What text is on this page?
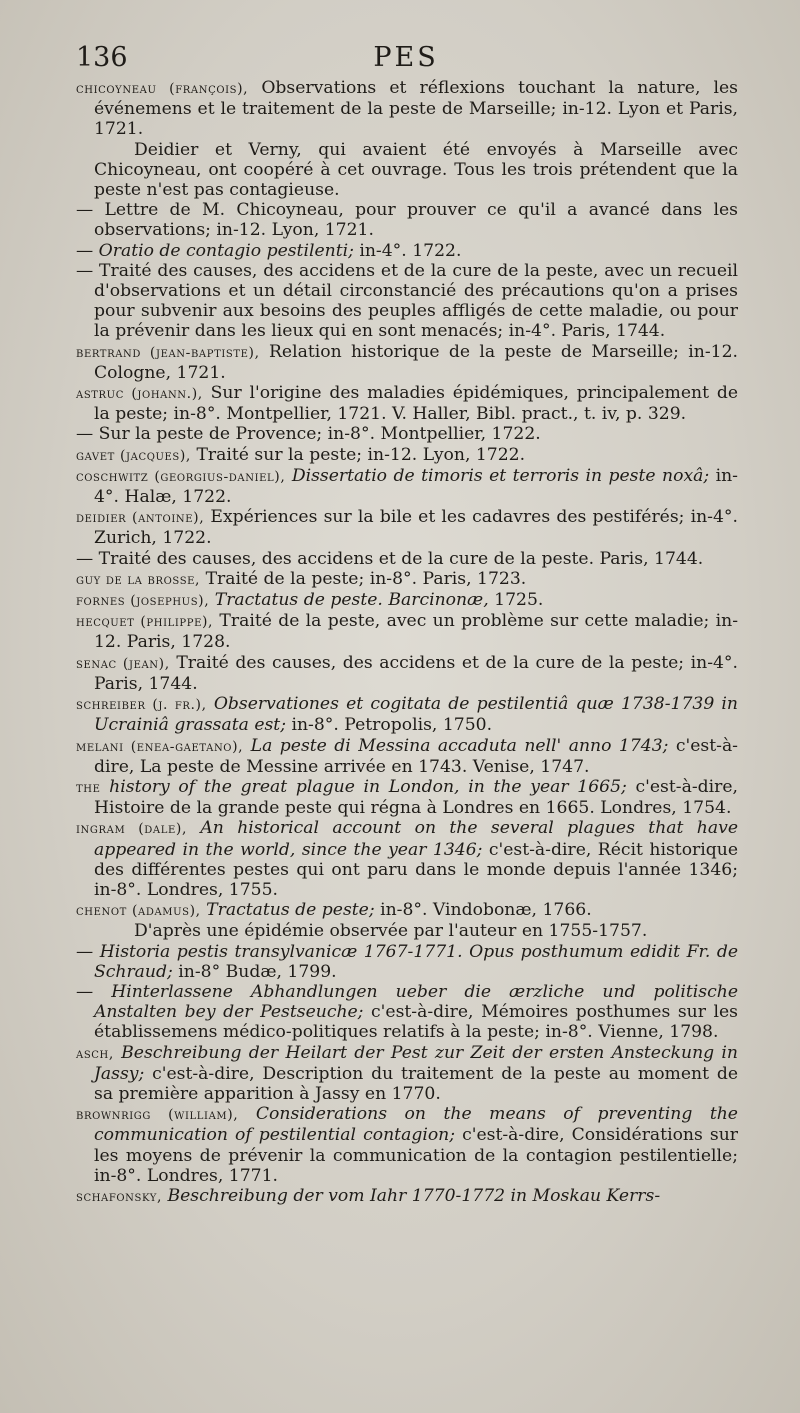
136	PES

chicoyneau (françois), Observations et réflexions touchant la nature, les événemens et le traitement de la peste de Marseille; in-12. Lyon et Paris, 1721.

Deidier et Verny, qui avaient été envoyés à Marseille avec Chicoyneau, ont coopéré à cet ouvrage. Tous les trois prétendent que la peste n'est pas contagieuse.

— Lettre de M. Chicoyneau, pour prouver ce qu'il a avancé dans les observations; in-12. Lyon, 1721.

— Oratio de contagio pestilenti; in-4°. 1722.

— Traité des causes, des accidens et de la cure de la peste, avec un recueil d'observations et un détail circonstancié des précautions qu'on a prises pour subvenir aux besoins des peuples affligés de cette maladie, ou pour la prévenir dans les lieux qui en sont menacés; in-4°. Paris, 1744.

bertrand (jean-baptiste), Relation historique de la peste de Marseille; in-12. Cologne, 1721.

astruc (johann.), Sur l'origine des maladies épidémiques, principalement de la peste; in-8°. Montpellier, 1721. V. Haller, Bibl. pract., t. iv, p. 329.

— Sur la peste de Provence; in-8°. Montpellier, 1722.

gavet (jacques), Traité sur la peste; in-12. Lyon, 1722.

coschwitz (georgius-daniel), Dissertatio de timoris et terroris in peste noxâ; in-4°. Halæ, 1722.

deidier (antoine), Expériences sur la bile et les cadavres des pestiférés; in-4°. Zurich, 1722.

— Traité des causes, des accidens et de la cure de la peste. Paris, 1744.

guy de la brosse, Traité de la peste; in-8°. Paris, 1723.

fornes (josephus), Tractatus de peste. Barcinonæ, 1725.

hecquet (philippe), Traité de la peste, avec un problème sur cette maladie; in-12. Paris, 1728.

senac (jean), Traité des causes, des accidens et de la cure de la peste; in-4°. Paris, 1744.

schreiber (j. fr.), Observationes et cogitata de pestilentiâ quæ 1738-1739 in Ucrainiâ grassata est; in-8°. Petropolis, 1750.

melani (enea-gaetano), La peste di Messina accaduta nell' anno 1743; c'est-à-dire, La peste de Messine arrivée en 1743. Venise, 1747.

the history of the great plague in London, in the year 1665; c'est-à-dire, Histoire de la grande peste qui régna à Londres en 1665. Londres, 1754.

ingram (dale), An historical account on the several plagues that have appeared in the world, since the year 1346; c'est-à-dire, Récit historique des différentes pestes qui ont paru dans le monde depuis l'année 1346; in-8°. Londres, 1755.

chenot (adamus), Tractatus de peste; in-8°. Vindobonæ, 1766.

D'après une épidémie observée par l'auteur en 1755-1757.

— Historia pestis transylvanicæ 1767-1771. Opus posthumum edidit Fr. de Schraud; in-8° Budæ, 1799.

— Hinterlassene Abhandlungen ueber die ærzliche und politische Anstalten bey der Pestseuche; c'est-à-dire, Mémoires posthumes sur les établissemens médico-politiques relatifs à la peste; in-8°. Vienne, 1798.

asch, Beschreibung der Heilart der Pest zur Zeit der ersten Ansteckung in Jassy; c'est-à-dire, Description du traitement de la peste au moment de sa première apparition à Jassy en 1770.

brownrigg (william), Considerations on the means of preventing the communication of pestilential contagion; c'est-à-dire, Considérations sur les moyens de prévenir la communication de la contagion pestilentielle; in-8°. Londres, 1771.

schafonsky, Beschreibung der vom Iahr 1770-1772 in Moskau Kerrs-
